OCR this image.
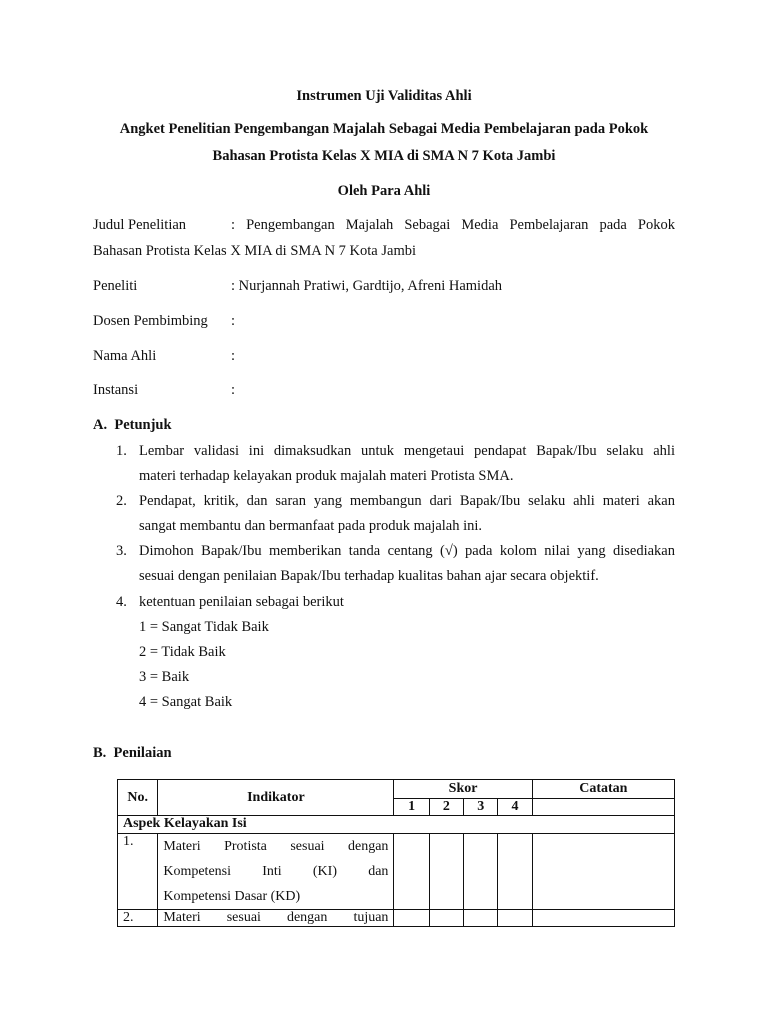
Instrumen Uji Validitas Ahli
Angket Penelitian Pengembangan Majalah Sebagai Media Pembelajaran pada Pokok
Bahasan Protista Kelas X MIA di SMA N 7 Kota Jambi
Oleh Para Ahli
Judul Penelitian	: Pengembangan Majalah Sebagai Media Pembelajaran pada Pokok
Bahasan Protista Kelas X MIA di SMA N 7 Kota Jambi
Peneliti	: Nurjannah Pratiwi, Gardtijo, Afreni Hamidah
Dosen Pembimbing :
Nama Ahli	:
Instansi	:
A.  Petunjuk
1. Lembar validasi ini dimaksudkan untuk mengetaui pendapat Bapak/Ibu selaku ahli
materi terhadap kelayakan produk majalah materi Protista SMA.
2. Pendapat, kritik, dan saran yang membangun dari Bapak/Ibu selaku ahli materi akan
sangat membantu dan bermanfaat pada produk majalah ini.
3. Dimohon Bapak/Ibu memberikan tanda centang (√) pada kolom nilai yang disediakan
sesuai dengan penilaian Bapak/Ibu terhadap kualitas bahan ajar secara objektif.
4. ketentuan penilaian sebagai berikut
1 = Sangat Tidak Baik
2 = Tidak Baik
3 = Baik
4 = Sangat Baik
B.  Penilaian
No.	Indikator	Skor				Catatan
		1	2	3	4	
Aspek Kelayakan Isi						
1.	Materi    Protista    sesuai    dengan
Kompetensi    Inti    (KI)    dan
Kompetensi Dasar (KD)					

2.	Materi    sesuai    dengan    tujuan					
